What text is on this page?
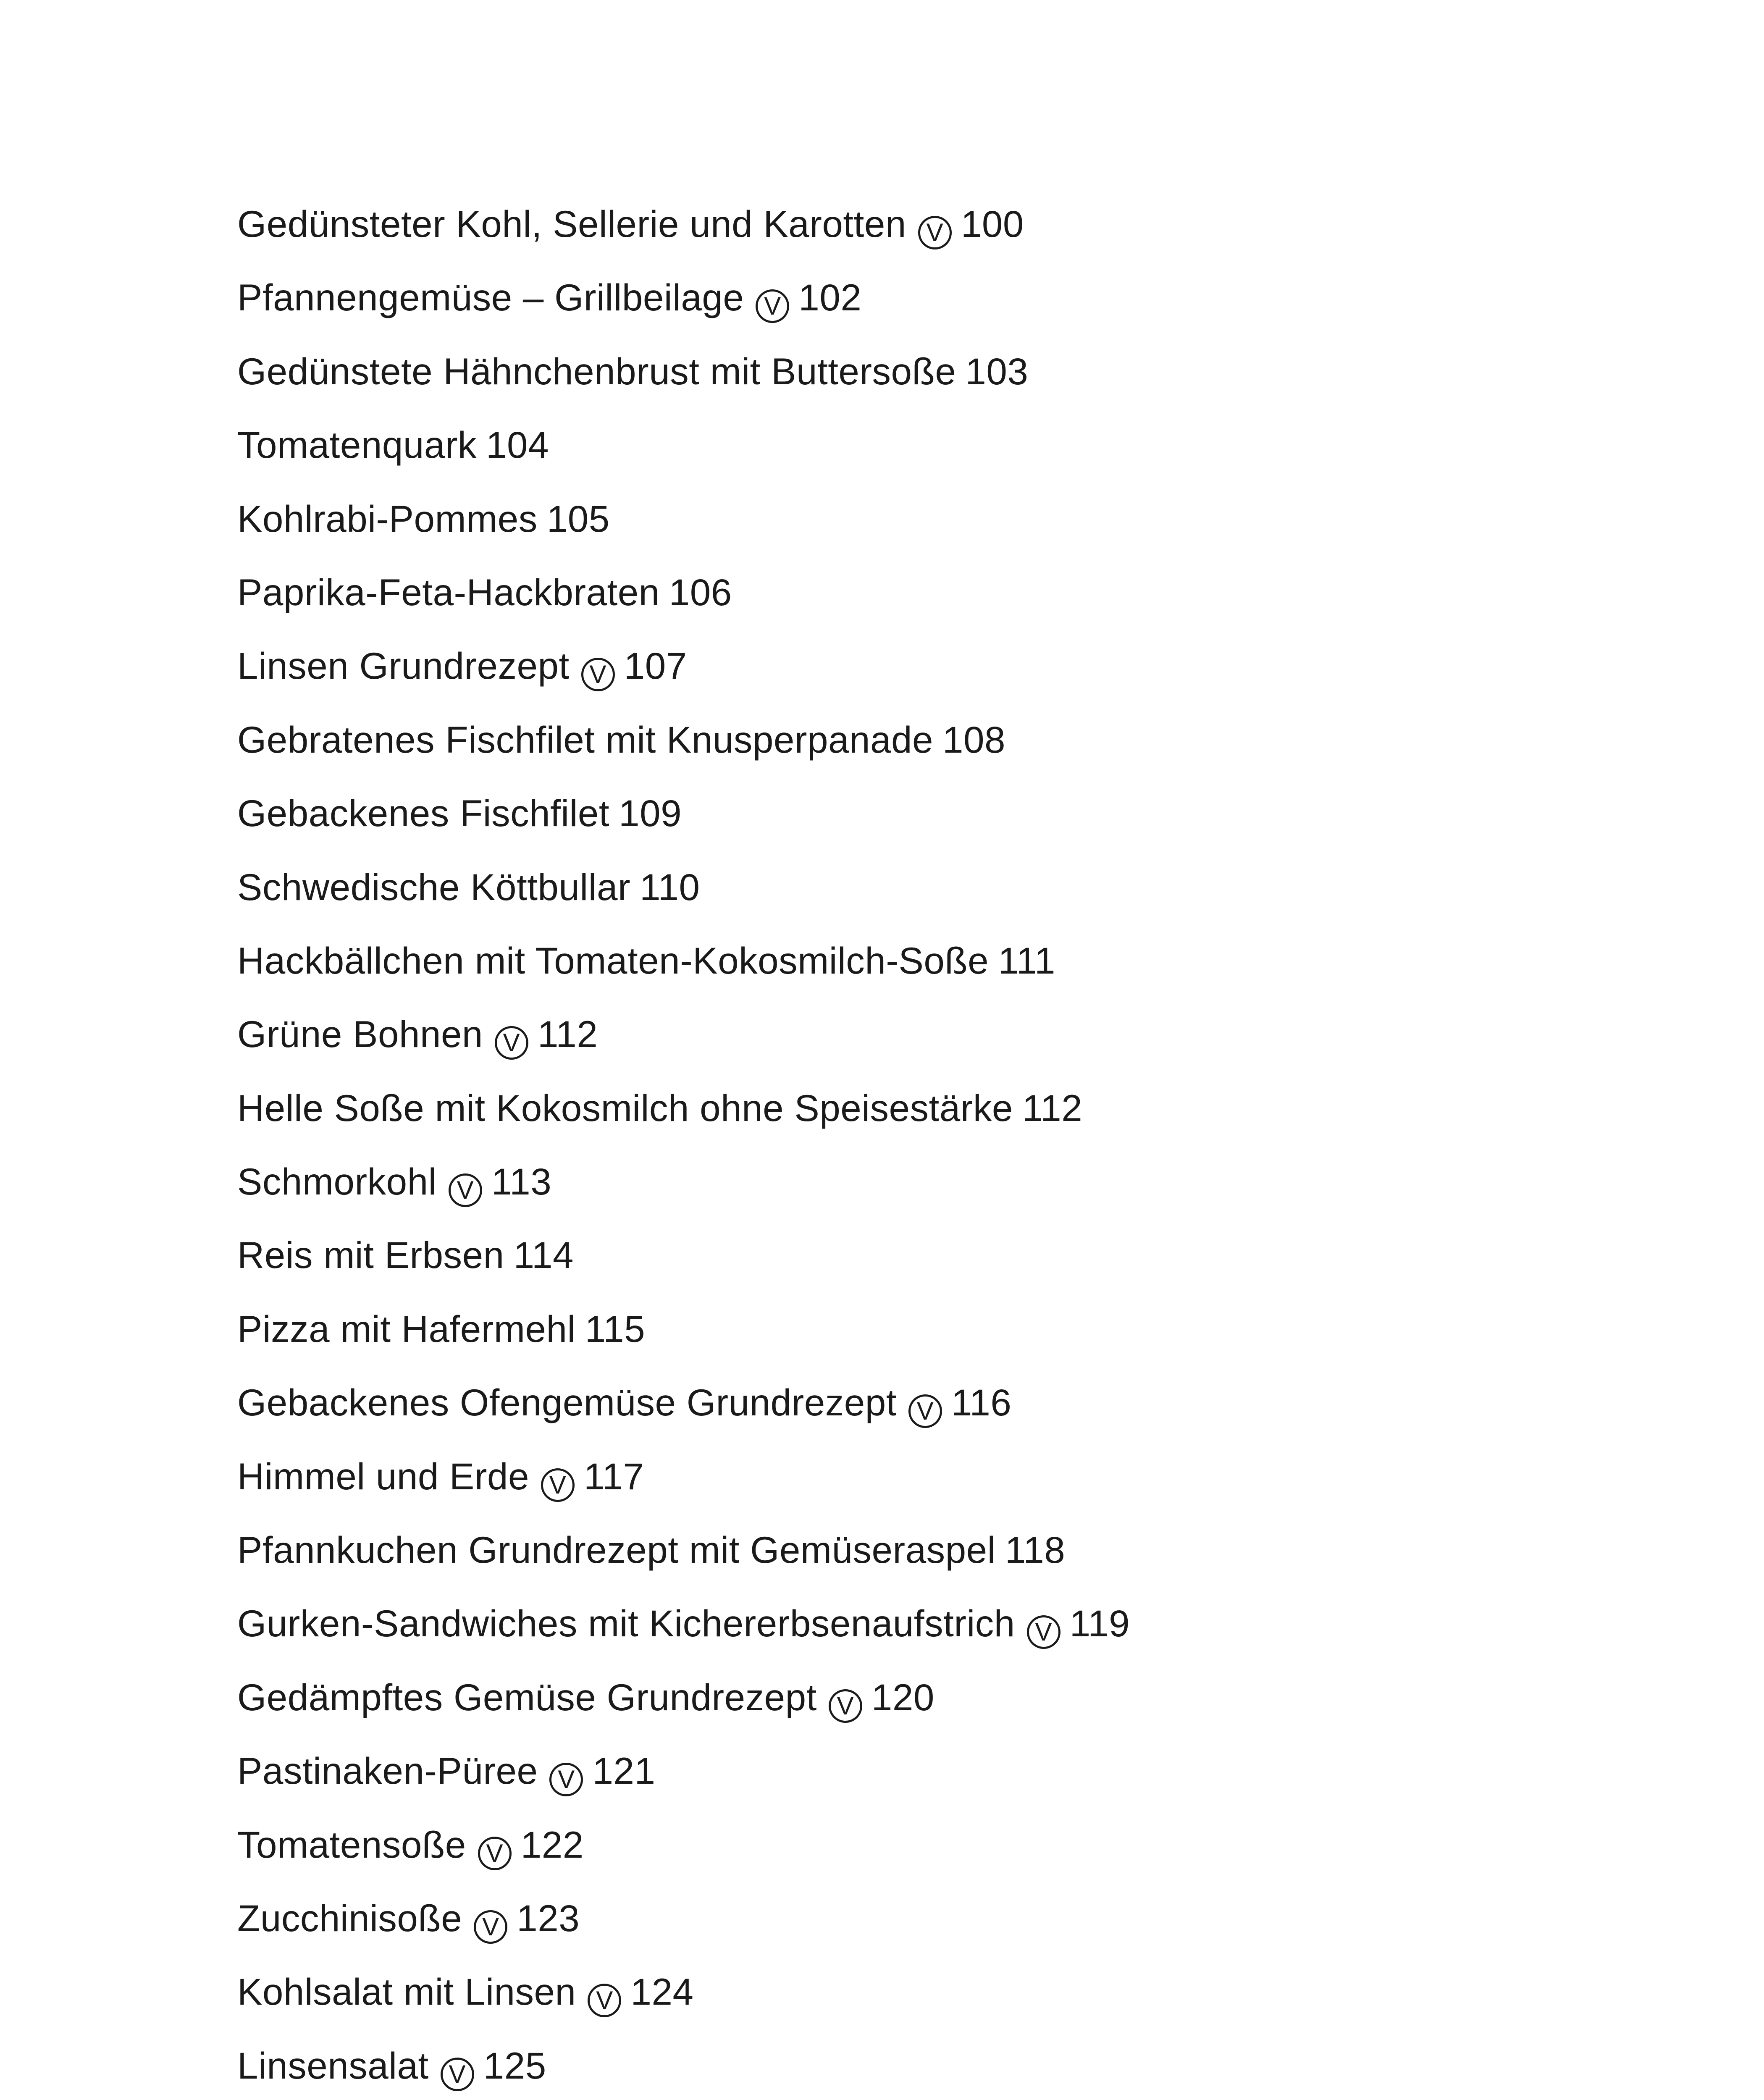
Gedünsteter Kohl, Sellerie und Karotten V 100
Pfannengemüse – Grillbeilage V 102
Gedünstete Hähnchenbrust mit Buttersoße 103
Tomatenquark 104
Kohlrabi-Pommes 105
Paprika-Feta-Hackbraten 106
Linsen Grundrezept V 107
Gebratenes Fischfilet mit Knusperpanade 108
Gebackenes Fischfilet 109
Schwedische Köttbullar 110
Hackbällchen mit Tomaten-Kokosmilch-Soße 111
Grüne Bohnen V 112
Helle Soße mit Kokosmilch ohne Speisestärke 112
Schmorkohl V 113
Reis mit Erbsen 114
Pizza mit Hafermehl 115
Gebackenes Ofengemüse Grundrezept V 116
Himmel und Erde V 117
Pfannkuchen Grundrezept mit Gemüseraspel 118
Gurken-Sandwiches mit Kichererbsenaufstrich V 119
Gedämpftes Gemüse Grundrezept V 120
Pastinaken-Püree V 121
Tomatensoße V 122
Zucchinisoße V 123
Kohlsalat mit Linsen V 124
Linsensalat V 125
